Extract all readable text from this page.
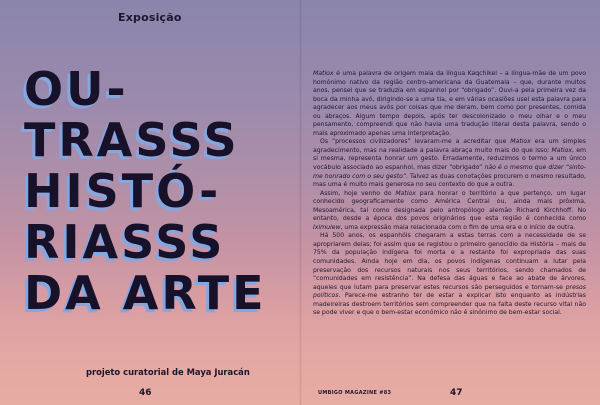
Exposição
OU-
TRASSS
HISTÓ-
RIASSS
DA ARTE
projeto curatorial de Maya Juracán
46

Matiox é uma palavra de origem maia da língua Kaqchikel – a língua-mãe de um povo homónimo nativo da região centro-americana da Guatemala – que, durante muitos anos, pensei que se traduzia em espanhol por “obrigado”. Ouvi-a pela primeira vez da boca da minha avó, dirigindo-se a uma tia, e em várias ocasiões usei esta palavra para agradecer aos meus avós por coisas que me deram, bem como por presentes, comida ou abraços. Algum tempo depois, após ter descolonizado o meu olhar e o meu pensamento, compreendi que não havia uma tradução literal desta palavra, sendo o mais aproximado apenas uma interpretação.

Os “processos civilizadores” levaram-me a acreditar que Matiox era um simples agradecimento, mas na realidade a palavra abraça muito mais do que isso; Matiox, em si mesma, representa honrar um gesto. Erradamente, reduzimos o termo a um único vocábulo associado ao espanhol, mas dizer “obrigado” não é o mesmo que dizer “sinto-me honrado com o seu gesto”. Talvez as duas conotações procurem o mesmo resultado, mas uma é muito mais generosa no seu contexto do que a outra.

Assim, hoje venho do Matiox para honrar o território a que pertenço, um lugar conhecido geograficamente como América Central ou, ainda mais próxima, Mesoamérica, tal como designada pelo antropólogo alemão Richard Kirchhoff. No entanto, desde a época dos povos originários que esta região é conhecida como Iximulew, uma expressão maia relacionada com o fim de uma era e o início de outra.

Há 500 anos, os espanhóis chegaram a estas terras com a necessidade de se apropriarem delas; foi assim que se registou o primeiro genocídio da História – mais de 75% da população indígena foi morta e a restante foi expropriada das suas comunidades. Ainda hoje em dia, os povos indígenas continuam a lutar pela preservação dos recursos naturais nos seus territórios, sendo chamados de “comunidades em resistência”. Na defesa das águas e face ao abate de árvores, aqueles que lutam para preservar estes recursos são perseguidos e tornam-se presos políticos. Parece-me estranho ter de estar a explicar isto enquanto as indústrias madeireiras destroem territórios sem compreender que na falta deste recurso vital não se pode viver e que o bem-estar económico não é sinónimo de bem-estar social.

UMBIGO MAGAZINE #83	47
